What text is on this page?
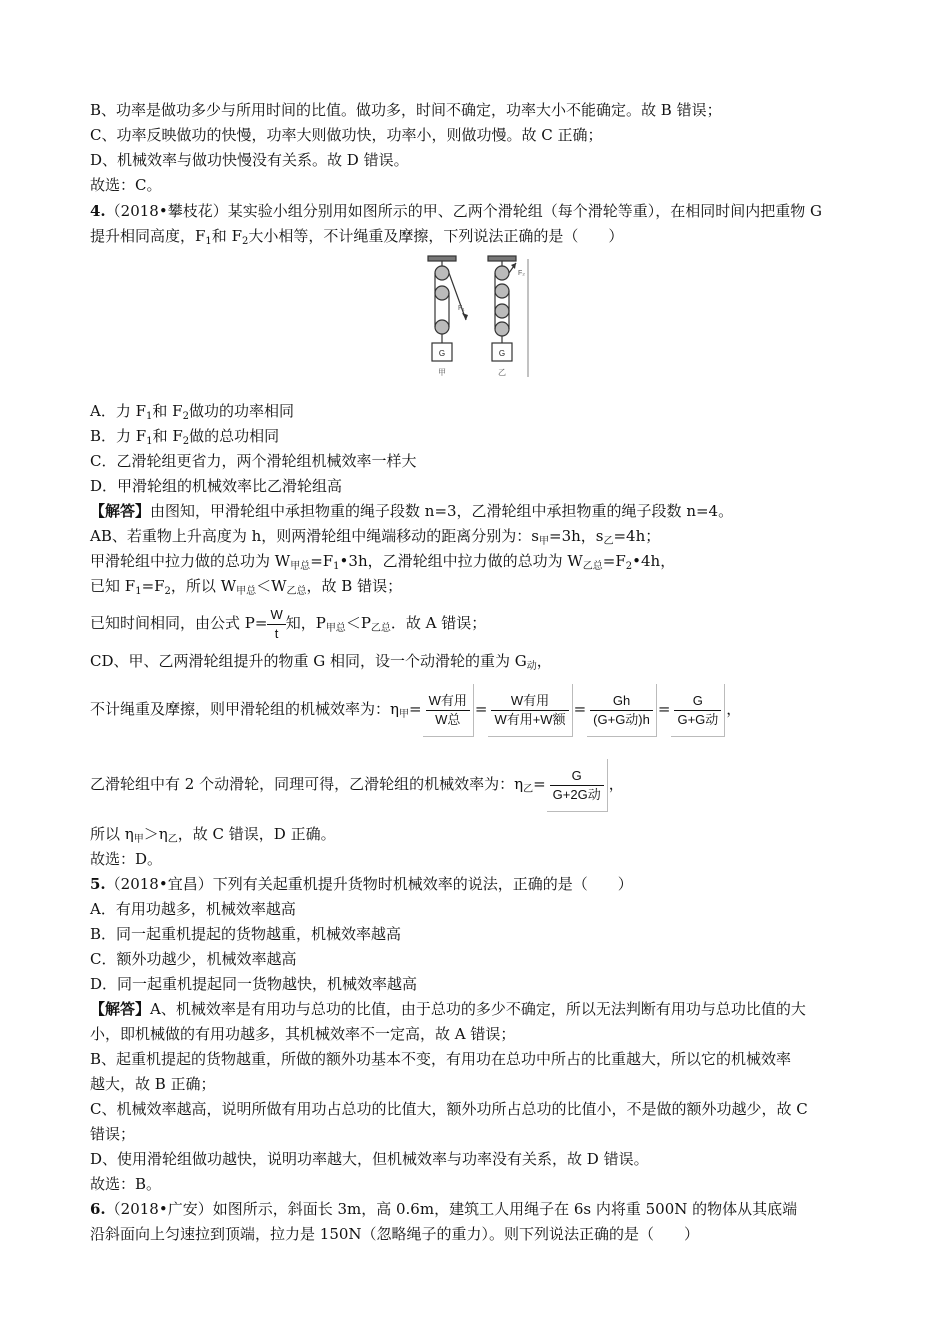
B、功率是做功多少与所用时间的比值。做功多，时间不确定，功率大小不能确定。故 B 错误；
C、功率反映做功的快慢，功率大则做功快，功率小，则做功慢。故 C 正确；
D、机械效率与做功快慢没有关系。故 D 错误。
故选：C。
4.（2018•攀枝花）某实验小组分别用如图所示的甲、乙两个滑轮组（每个滑轮等重），在相同时间内把重物 G
提升相同高度，$F_1$和 $F_2$大小相等，不计绳重及摩擦，下列说法正确的是（　　）
G	G
F₁
F₂
甲	乙
A．力 $F_1$和 $F_2$做功的功率相同
B．力 $F_1$和 $F_2$做的总功相同
C．乙滑轮组更省力，两个滑轮组机械效率一样大
D．甲滑轮组的机械效率比乙滑轮组高
【解答】由图知，甲滑轮组中承担物重的绳子段数 n=3，乙滑轮组中承担物重的绳子段数 n=4。
AB、若重物上升高度为 h，则两滑轮组中绳端移动的距离分别为：$s_甲=3h$，$s_乙=4h$；
甲滑轮组中拉力做的总功为 $W_{甲总}=F_1•3h$，乙滑轮组中拉力做的总功为 $W_{乙总}=F_2•4h$，
已知 $F_1=F_2$，所以 $W_{甲总}<W_{乙总}$，故 B 错误；
已知时间相同，由公式 $P= \frac{W}{t}$ 知，$P_{甲总}<P_{乙总}$．故 A 错误；
CD、甲、乙两滑轮组提升的物重 G 相同，设一个动滑轮的重为 $G_动$，
不计绳重及摩擦，则甲滑轮组的机械效率为：$\eta_甲= \frac{\text{W有用}}{\text{W总}} = \frac{\text{W有用}}{\text{W有用+W额}} = \frac{Gh}{\text{(G+G动)h}} = \frac{G}{\text{G+G动}}$ ，
乙滑轮组中有 2 个动滑轮，同理可得，乙滑轮组的机械效率为：$\eta_乙= \frac{G}{\text{G+2G动}}$ ，
所以 $\eta_甲>\eta_乙$，故 C 错误，D 正确。
故选：D。
5.（2018•宜昌）下列有关起重机提升货物时机械效率的说法，正确的是（　　）
A．有用功越多，机械效率越高
B．同一起重机提起的货物越重，机械效率越高
C．额外功越少，机械效率越高
D．同一起重机提起同一货物越快，机械效率越高
【解答】A、机械效率是有用功与总功的比值，由于总功的多少不确定，所以无法判断有用功与总功比值的大
小，即机械做的有用功越多，其机械效率不一定高，故 A 错误；
B、起重机提起的货物越重，所做的额外功基本不变，有用功在总功中所占的比重越大，所以它的机械效率
越大，故 B 正确；
C、机械效率越高，说明所做有用功占总功的比值大，额外功所占总功的比值小，不是做的额外功越少，故 C
错误；
D、使用滑轮组做功越快，说明功率越大，但机械效率与功率没有关系，故 D 错误。
故选：B。
6.（2018•广安）如图所示，斜面长 3m，高 0.6m，建筑工人用绳子在 6s 内将重 500N 的物体从其底端
沿斜面向上匀速拉到顶端，拉力是 150N（忽略绳子的重力）。则下列说法正确的是（　　）
